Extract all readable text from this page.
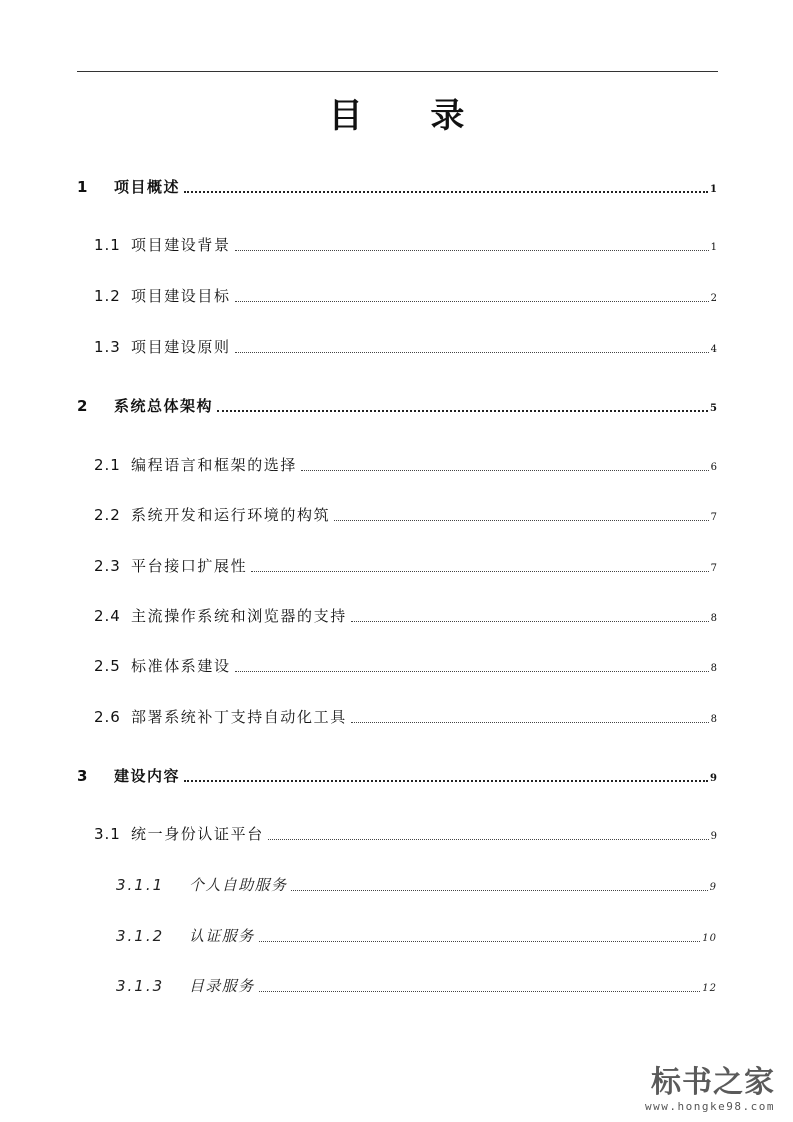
目 录
1	项目概述	1
1.1 项目建设背景	1
1.2 项目建设目标	2
1.3 项目建设原则	4
2	系统总体架构	5
2.1 编程语言和框架的选择	6
2.2 系统开发和运行环境的构筑	7
2.3 平台接口扩展性	7
2.4 主流操作系统和浏览器的支持	8
2.5 标准体系建设	8
2.6 部署系统补丁支持自动化工具	8
3	建设内容	9
3.1 统一身份认证平台	9
3.1.1	个人自助服务	9
3.1.2	认证服务	10
3.1.3	目录服务	12
标书之家
www.hongke98.com
